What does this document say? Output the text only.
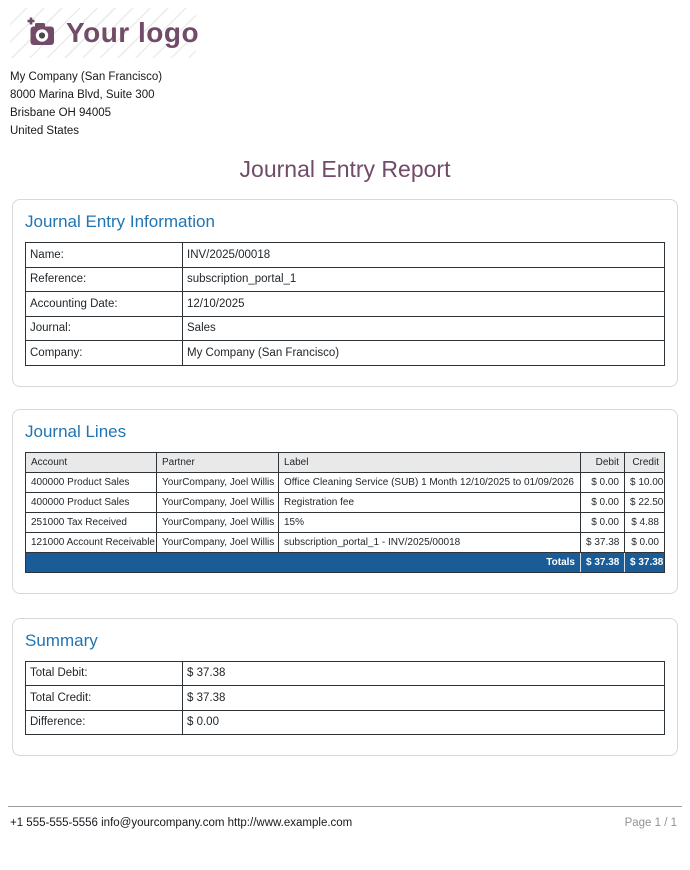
Your logo
My Company (San Francisco)
8000 Marina Blvd, Suite 300
Brisbane OH 94005
United States
Journal Entry Report
Journal Entry Information
Name:	INV/2025/00018
Reference:	subscription_portal_1
Accounting Date:	12/10/2025
Journal:	Sales
Company:	My Company (San Francisco)
Journal Lines
Account	Partner	Label	Debit	Credit
400000 Product Sales	YourCompany, Joel Willis	Office Cleaning Service (SUB) 1 Month 12/10/2025 to 01/09/2026	$ 0.00	$ 10.00
400000 Product Sales	YourCompany, Joel Willis	Registration fee	$ 0.00	$ 22.50
251000 Tax Received	YourCompany, Joel Willis	15%	$ 0.00	$ 4.88
121000 Account Receivable	YourCompany, Joel Willis	subscription_portal_1 - INV/2025/00018	$ 37.38	$ 0.00
Totals			$ 37.38	$ 37.38
Summary
Total Debit:	$ 37.38
Total Credit:	$ 37.38
Difference:	$ 0.00
+1 555-555-5556 info@yourcompany.com http://www.example.com	Page 1 / 1
